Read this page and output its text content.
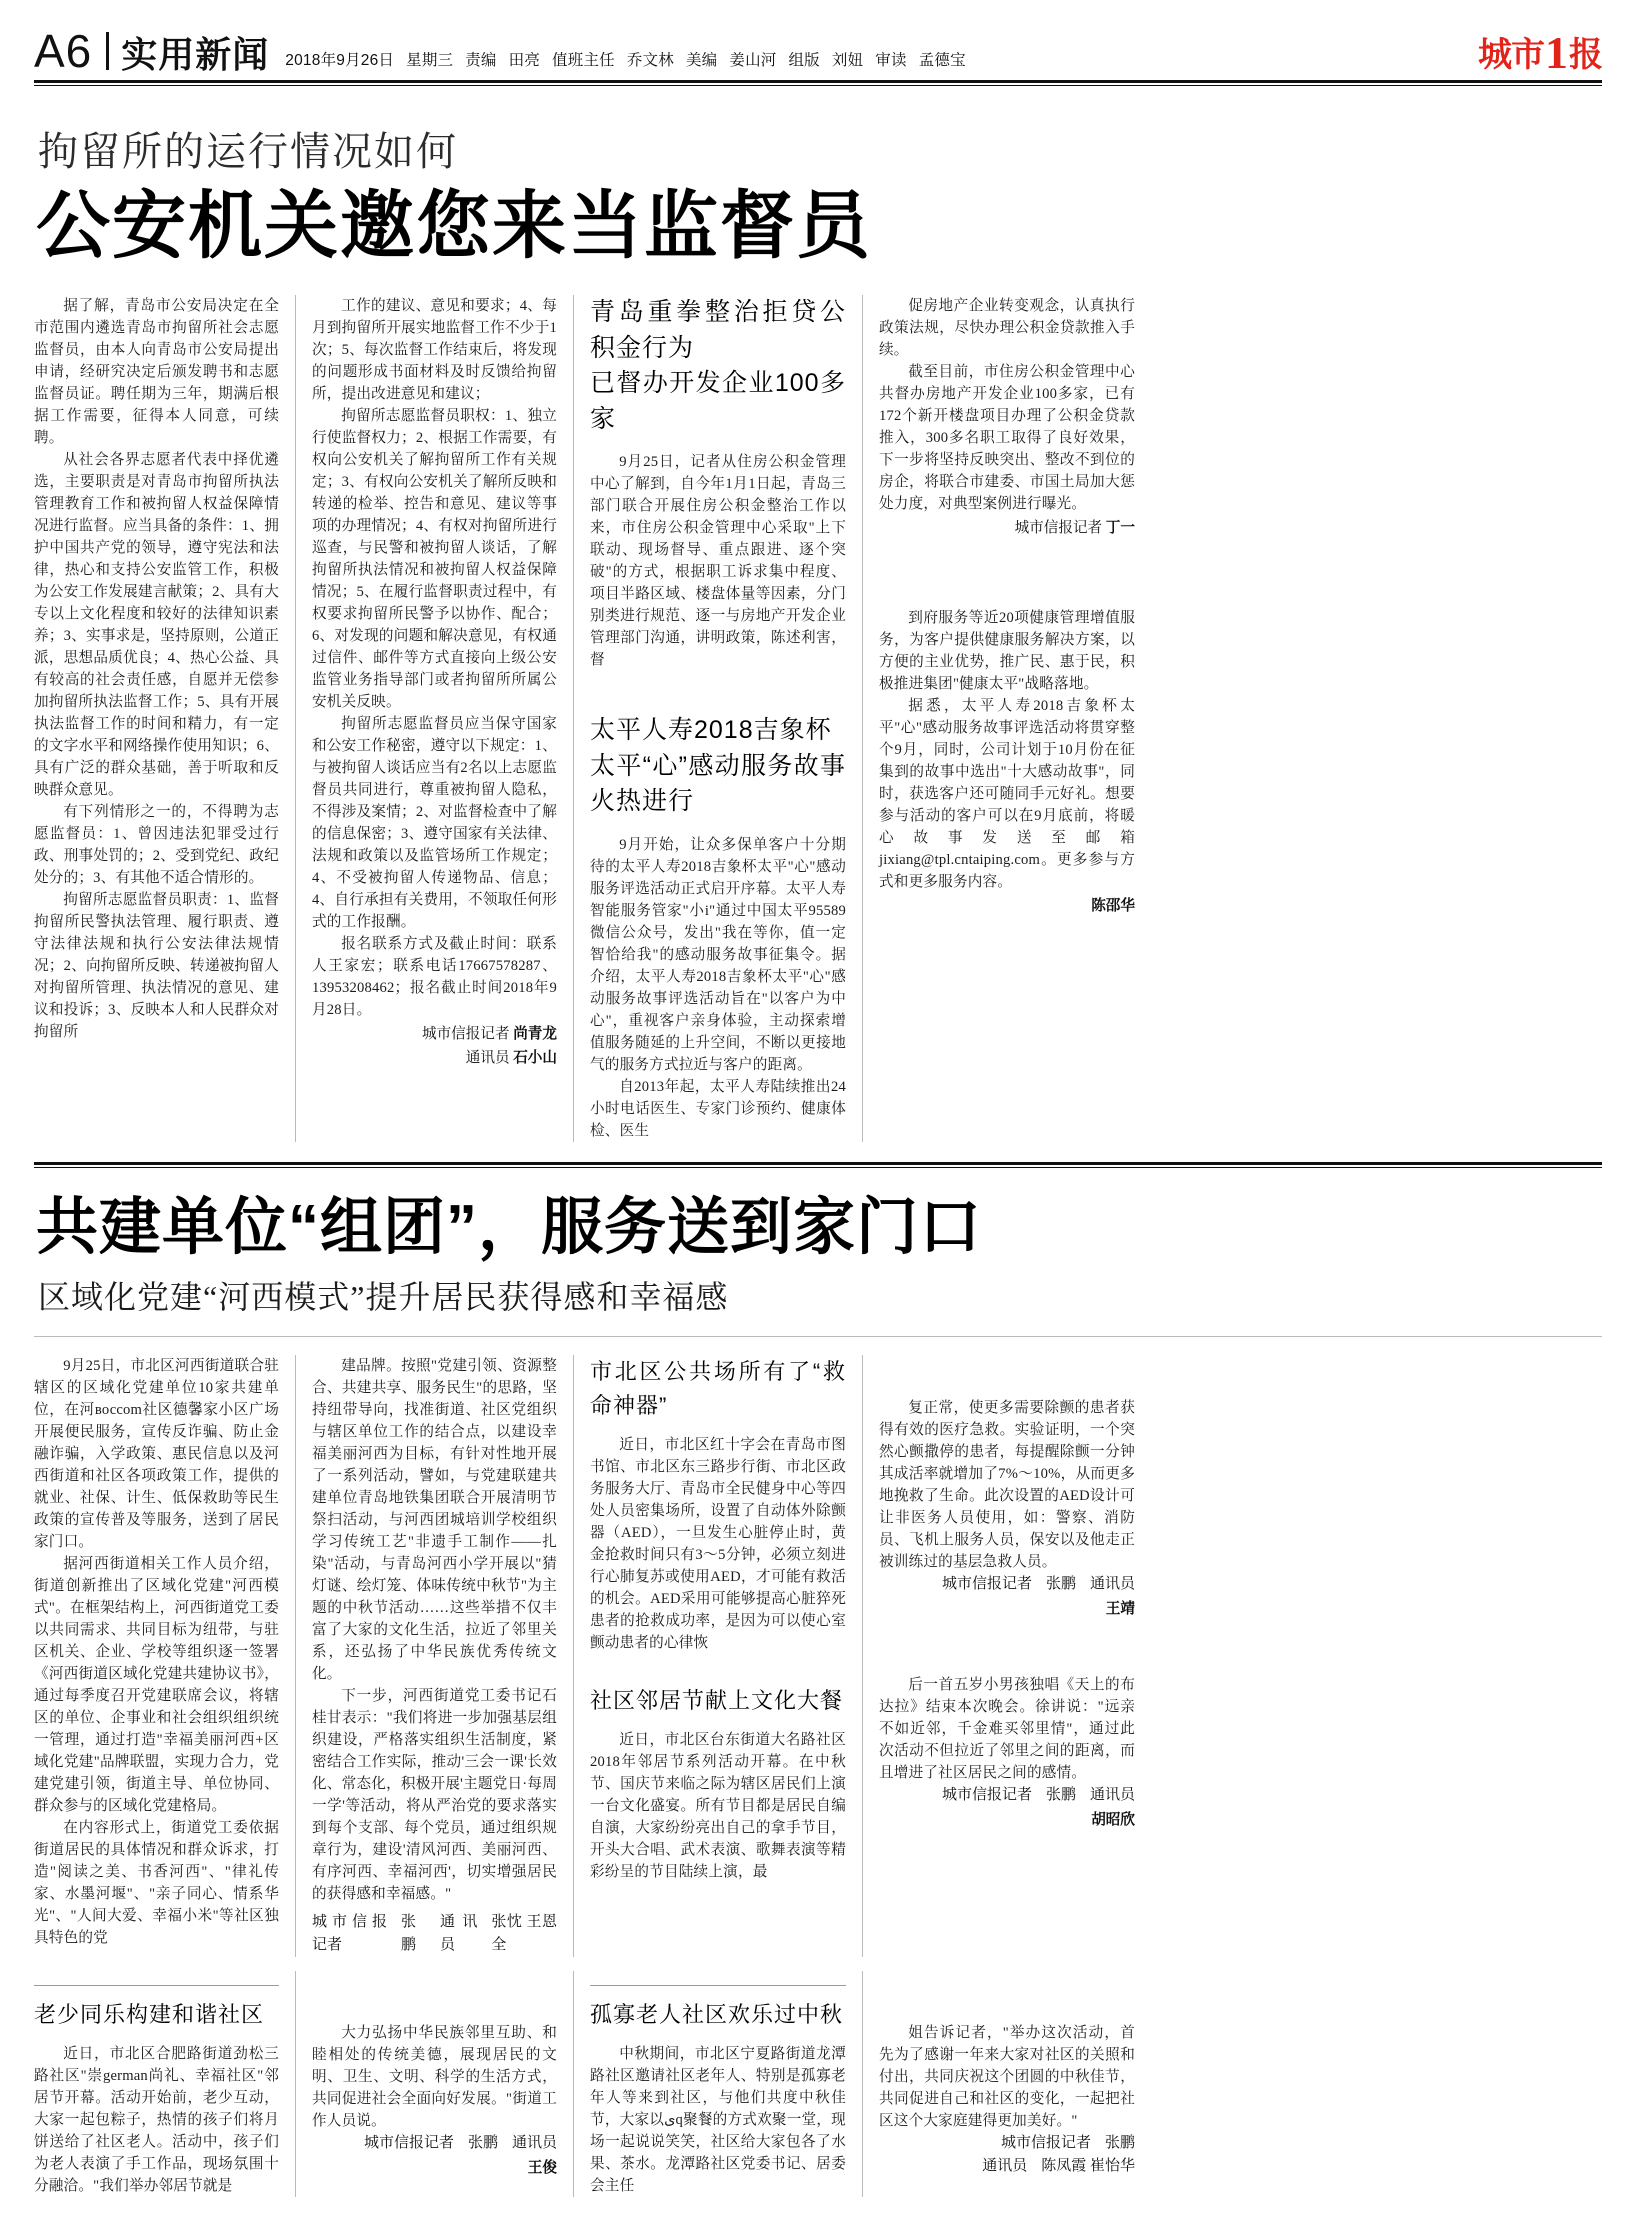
A6 实用新闻	2018年9月26日 星期三 责编 田亮 值班主任 乔文林 美编 姜山河 组版 刘妞 审读 孟德宝	城市 1 报
拘留所的运行情况如何
公安机关邀您来当监督员

据了解，青岛市公安局决定在全市范围内遴选青岛市拘留所社会志愿监督员，由本人向青岛市公安局提出申请，经研究决定后颁发聘书和志愿监督员证。聘任期为三年，期满后根据工作需要，征得本人同意，可续聘。

从社会各界志愿者代表中择优遴选，主要职责是对青岛市拘留所执法管理教育工作和被拘留人权益保障情况进行监督。应当具备的条件：1、拥护中国共产党的领导，遵守宪法和法律，热心和支持公安监管工作，积极为公安工作发展建言献策；2、具有大专以上文化程度和较好的法律知识素养；3、实事求是，坚持原则，公道正派，思想品质优良；4、热心公益、具有较高的社会责任感，自愿并无偿参加拘留所执法监督工作；5、具有开展执法监督工作的时间和精力，有一定的文字水平和网络操作使用知识；6、具有广泛的群众基础，善于听取和反映群众意见。

有下列情形之一的，不得聘为志愿监督员：1、曾因违法犯罪受过行政、刑事处罚的；2、受到党纪、政纪处分的；3、有其他不适合情形的。

拘留所志愿监督员职责：1、监督拘留所民警执法管理、履行职责、遵守法律法规和执行公安法律法规情况；2、向拘留所反映、转递被拘留人对拘留所管理、执法情况的意见、建议和投诉；3、反映本人和人民群众对拘留所

工作的建议、意见和要求；4、每月到拘留所开展实地监督工作不少于1次；5、每次监督工作结束后，将发现的问题形成书面材料及时反馈给拘留所，提出改进意见和建议；

拘留所志愿监督员职权：1、独立行使监督权力；2、根据工作需要，有权向公安机关了解拘留所工作有关规定；3、有权向公安机关了解所反映和转递的检举、控告和意见、建议等事项的办理情况；4、有权对拘留所进行巡查，与民警和被拘留人谈话，了解拘留所执法情况和被拘留人权益保障情况；5、在履行监督职责过程中，有权要求拘留所民警予以协作、配合；6、对发现的问题和解决意见，有权通过信件、邮件等方式直接向上级公安监管业务指导部门或者拘留所所属公安机关反映。

拘留所志愿监督员应当保守国家和公安工作秘密，遵守以下规定：1、与被拘留人谈话应当有2名以上志愿监督员共同进行，尊重被拘留人隐私，不得涉及案情；2、对监督检查中了解的信息保密；3、遵守国家有关法律、法规和政策以及监管场所工作规定；4、不受被拘留人传递物品、信息；4、自行承担有关费用，不领取任何形式的工作报酬。

报名联系方式及截止时间：联系人王家宏；联系电话17667578287、13953208462；报名截止时间2018年9月28日。

城市信报记者 尚青龙
通讯员 石小山
青岛重拳整治拒贷公积金行为
已督办开发企业100多家

9月25日，记者从住房公积金管理中心了解到，自今年1月1日起，青岛三部门联合开展住房公积金整治工作以来，市住房公积金管理中心采取"上下联动、现场督导、重点跟进、逐个突破"的方式，根据职工诉求集中程度、项目半路区域、楼盘体量等因素，分门别类进行规范、逐一与房地产开发企业管理部门沟通，讲明政策，陈述利害，督

太平人寿2018吉象杯
太平“心”感动服务故事火热进行

9月开始，让众多保单客户十分期待的太平人寿2018吉象杯太平"心"感动服务评选活动正式启开序幕。太平人寿智能服务管家"小i"通过中国太平95589微信公众号，发出"我在等你，值一定智恰给我"的感动服务故事征集令。据介绍，太平人寿2018吉象杯太平"心"感动服务故事评选活动旨在"以客户为中心"，重视客户亲身体验，主动探索增值服务随延的上升空间，不断以更接地气的服务方式拉近与客户的距离。

自2013年起，太平人寿陆续推出24小时电话医生、专家门诊预约、健康体检、医生

促房地产企业转变观念，认真执行政策法规，尽快办理公积金贷款推入手续。

截至目前，市住房公积金管理中心共督办房地产开发企业100多家，已有172个新开楼盘项目办理了公积金贷款推入，300多名职工取得了良好效果，下一步将坚持反映突出、整改不到位的房企，将联合市建委、市国土局加大惩处力度，对典型案例进行曝光。

城市信报记者 丁一

到府服务等近20项健康管理增值服务，为客户提供健康服务解决方案，以方便的主业优势，推广民、惠于民，积极推进集团"健康太平"战略落地。

据悉，太平人寿2018吉象杯太平"心"感动服务故事评选活动将贯穿整个9月，同时，公司计划于10月份在征集到的故事中选出"十大感动故事"，同时，获选客户还可随同手元好礼。想要参与活动的客户可以在9月底前，将暖心故事发送至邮箱jixiang@tpl.cntaiping.com。更多参与方式和更多服务内容。

陈邵华
共建单位“组团”，服务送到家门口
区域化党建“河西模式”提升居民获得感和幸福感

9月25日，市北区河西街道联合驻辖区的区域化党建单位10家共建单位，在河восcom社区德馨家小区广场开展便民服务，宣传反诈骗、防止金融诈骗，入学政策、惠民信息以及河西街道和社区各项政策工作，提供的就业、社保、计生、低保救助等民生政策的宣传普及等服务，送到了居民家门口。

据河西街道相关工作人员介绍，街道创新推出了区域化党建"河西模式"。在框架结构上，河西街道党工委以共同需求、共同目标为纽带，与驻区机关、企业、学校等组织逐一签署《河西街道区域化党建共建协议书》，通过每季度召开党建联席会议，将辖区的单位、企事业和社会组织组织统一管理，通过打造"幸福美丽河西+区域化党建"品牌联盟，实现力合力，党建党建引领，街道主导、单位协同、群众参与的区域化党建格局。

在内容形式上，街道党工委依据街道居民的具体情况和群众诉求，打造"阅读之美、书香河西"、"律礼传家、水墨河堰"、"亲子同心、情系华光"、"人间大爱、幸福小米"等社区独具特色的党

建品牌。按照"党建引领、资源整合、共建共享、服务民生"的思路，坚持纽带导向，找准街道、社区党组织与辖区单位工作的结合点，以建设幸福美丽河西为目标，有针对性地开展了一系列活动，譬如，与党建联建共建单位青岛地铁集团联合开展清明节祭扫活动，与河西团城培训学校组织学习传统工艺"非遗手工制作——扎染"活动，与青岛河西小学开展以"猜灯谜、绘灯笼、体味传统中秋节"为主题的中秋节活动……这些举措不仅丰富了大家的文化生活，拉近了邻里关系，还弘扬了中华民族优秀传统文化。

下一步，河西街道党工委书记石桂甘表示："我们将进一步加强基层组织建设，严格落实组织生活制度，紧密结合工作实际，推动'三会一课'长效化、常态化，积极开展'主题党日·每周一学'等活动，将从严治党的要求落实到每个支部、每个党员，通过组织规章行为，建设'清风河西、美丽河西、有序河西、幸福河西'，切实增强居民的获得感和幸福感。"

城市信报记者
张鹏
通讯员
张忱 王恩全
市北区公共场所有了“救命神器”

近日，市北区红十字会在青岛市图书馆、市北区东三路步行街、市北区政务服务大厅、青岛市全民健身中心等四处人员密集场所，设置了自动体外除颤器（AED），一旦发生心脏停止时，黄金抢救时间只有3～5分钟，必须立刻进行心肺复苏或使用AED，才可能有救活的机会。AED采用可能够提高心脏猝死患者的抢救成功率，是因为可以使心室颤动患者的心律恢

社区邻居节献上文化大餐

近日，市北区台东街道大名路社区2018年邻居节系列活动开幕。在中秋节、国庆节来临之际为辖区居民们上演一台文化盛宴。所有节目都是居民自编自演，大家纷纷亮出自己的拿手节目，开头大合唱、武术表演、歌舞表演等精彩纷呈的节目陆续上演，最

复正常，使更多需要除颤的患者获得有效的医疗急救。实验证明，一个突然心颤撒停的患者，每提醒除颤一分钟其成活率就增加了7%～10%，从而更多地挽救了生命。此次设置的AED设计可让非医务人员使用，如：警察、消防员、飞机上服务人员，保安以及他走正被训练过的基层急救人员。

城市信报记者 张鹏 通讯员
王靖

后一首五岁小男孩独唱《天上的布达拉》结束本次晚会。徐讲说："远亲不如近邻，千金难买邻里情"，通过此次活动不但拉近了邻里之间的距离，而且增进了社区居民之间的感情。

城市信报记者 张鹏 通讯员
胡昭欣
老少同乐构建和谐社区

近日，市北区合肥路街道劲松三路社区"崇german尚礼、幸福社区"邻居节开幕。活动开始前，老少互动，大家一起包粽子，热情的孩子们将月饼送给了社区老人。活动中，孩子们为老人表演了手工作品，现场氛围十分融洽。"我们举办邻居节就是

大力弘扬中华民族邻里互助、和睦相处的传统美德，展现居民的文明、卫生、文明、科学的生活方式，共同促进社会全面向好发展。"街道工作人员说。

城市信报记者 张鹏 通讯员
王俊
孤寡老人社区欢乐过中秋

中秋期间，市北区宁夏路街道龙潭路社区邀请社区老年人、特别是孤寡老年人等来到社区，与他们共度中秋佳节，大家以ىq聚餐的方式欢聚一堂，现场一起说说笑笑，社区给大家包各了水果、茶水。龙潭路社区党委书记、居委会主任

姐告诉记者，"举办这次活动，首先为了感谢一年来大家对社区的关照和付出，共同庆祝这个团圆的中秋佳节，共同促进自己和社区的变化，一起把社区这个大家庭建得更加美好。"

城市信报记者 张鹏
通讯员 陈凤霞 崔怡华
